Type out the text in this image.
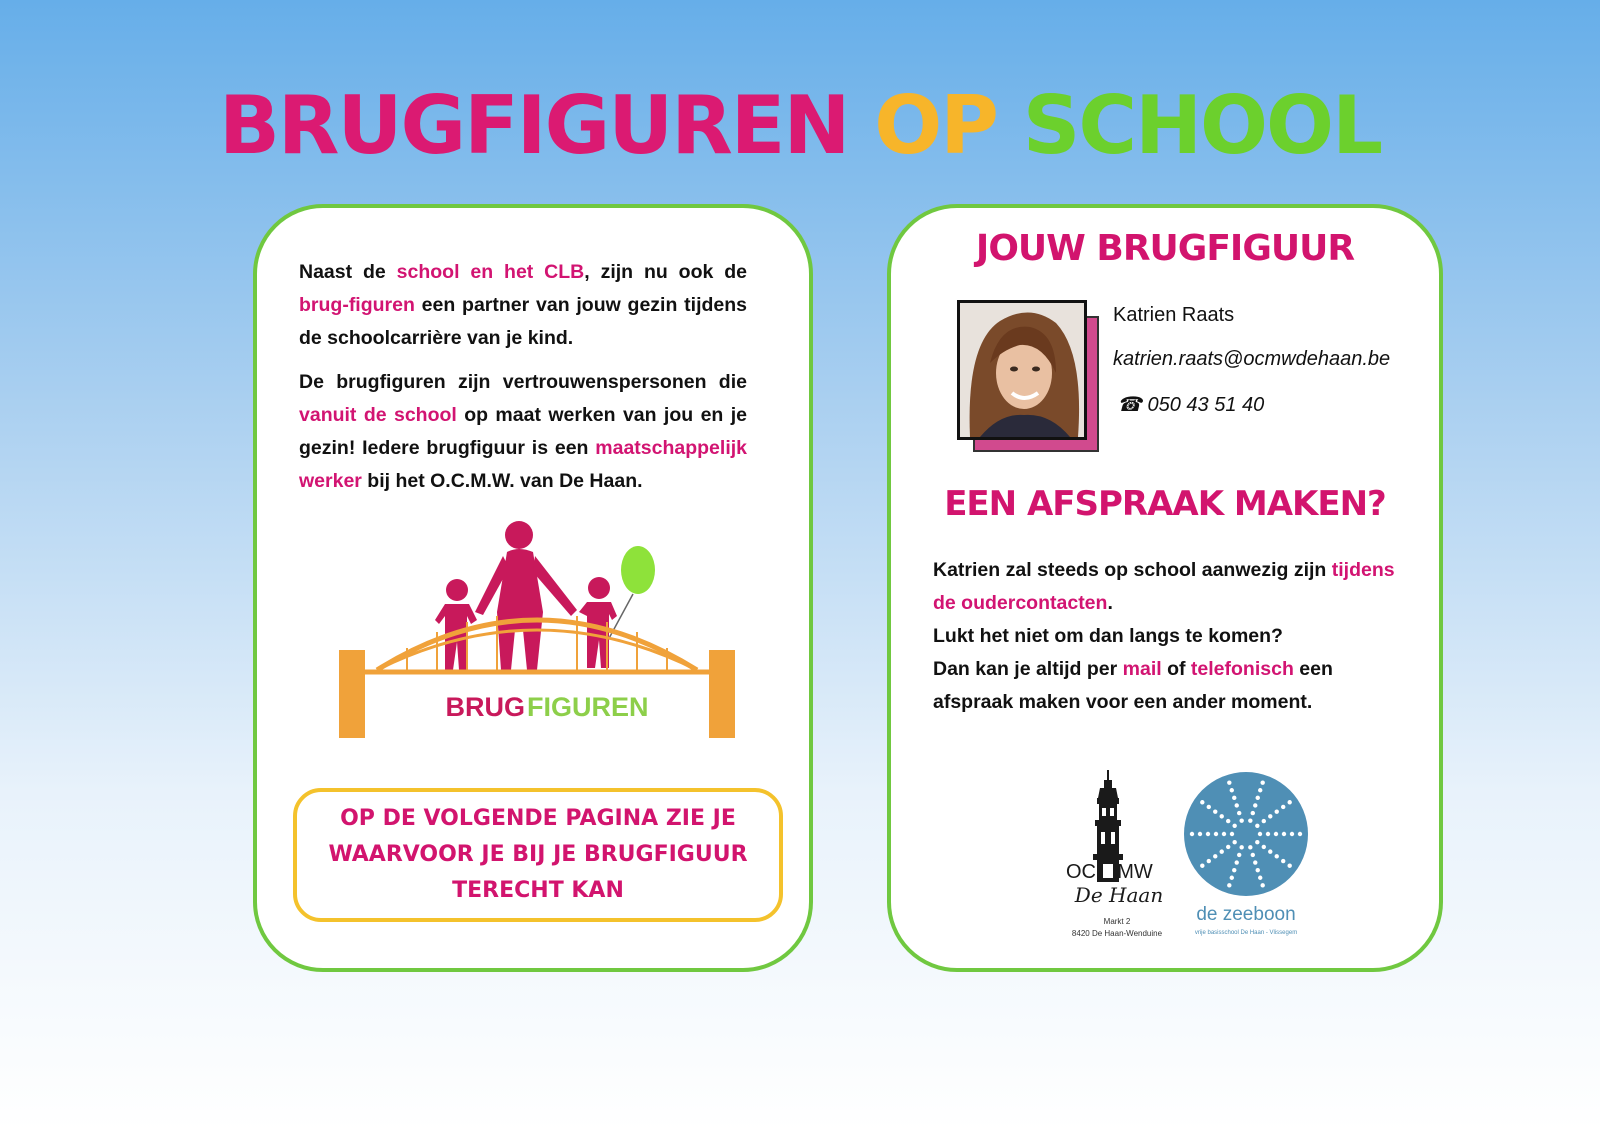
BRUGFIGUREN OP SCHOOL
Naast de school en het CLB, zijn nu ook de brug-figuren een partner van jouw gezin tijdens de schoolcarrière van je kind.
De brugfiguren zijn vertrouwenspersonen die vanuit de school op maat werken van jou en je gezin! Iedere brugfiguur is een maatschappelijk werker bij het O.C.M.W. van De Haan.
BRUG FIGUREN
OP DE VOLGENDE PAGINA ZIE JE
WAARVOOR JE BIJ JE BRUGFIGUUR
TERECHT KAN
JOUW BRUGFIGUUR
Katrien Raats
katrien.raats@ocmwdehaan.be
☎ 050 43 51 40
EEN AFSPRAAK MAKEN?
Katrien zal steeds op school aanwezig zijn tijdens de oudercontacten.
Lukt het niet om dan langs te komen?
Dan kan je altijd per mail of telefonisch een afspraak maken voor een ander moment.
OC MW
De Haan
Markt 2
8420 De Haan-Wenduine
de zeeboon
vrije basisschool De Haan - Vlissegem
